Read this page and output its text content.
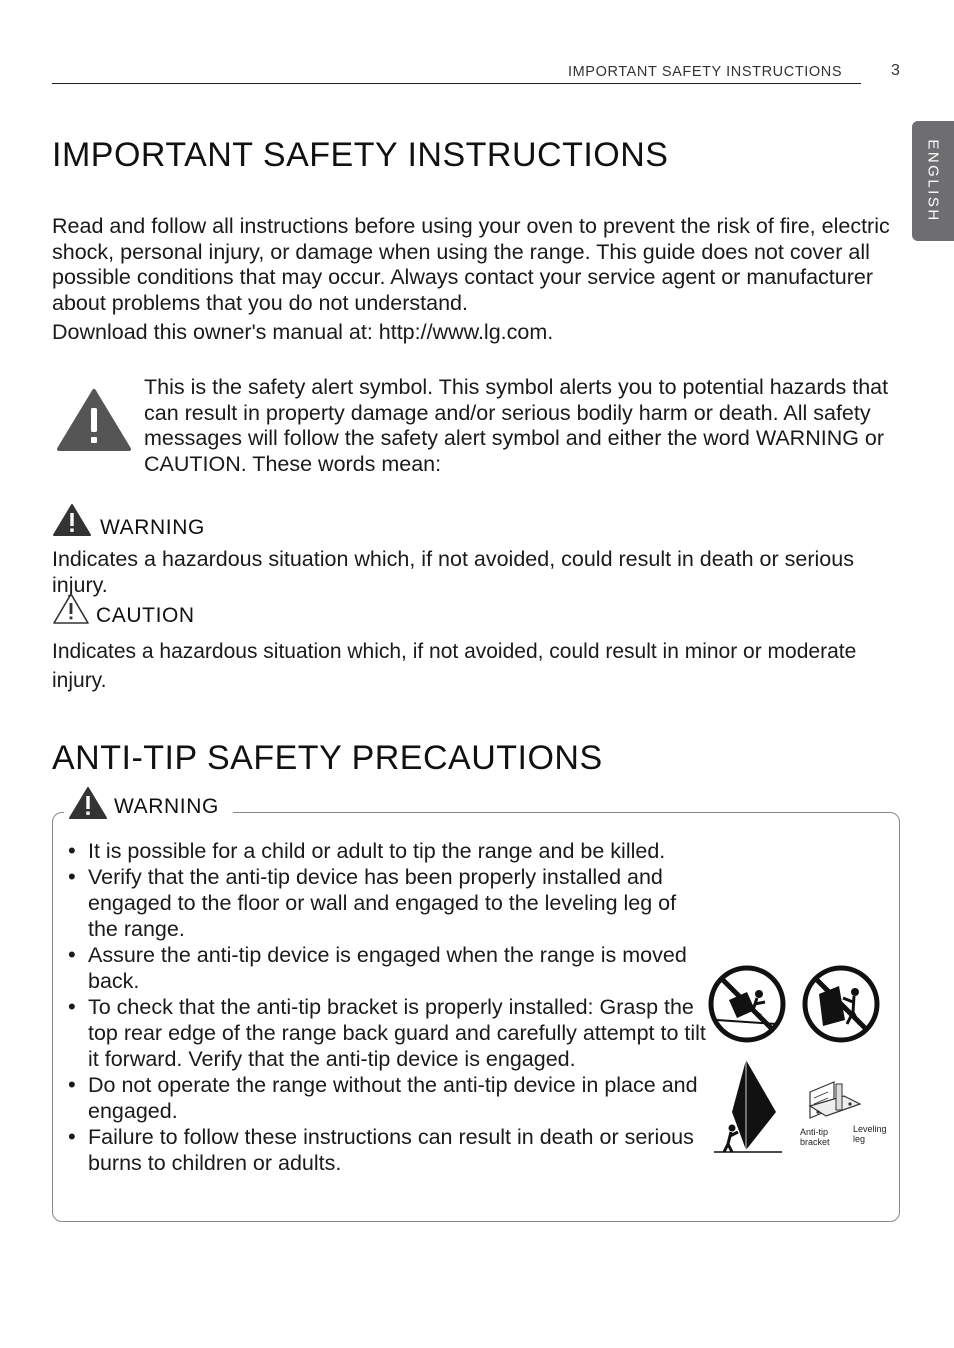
IMPORTANT SAFETY INSTRUCTIONS	3
ENGLISH
IMPORTANT SAFETY INSTRUCTIONS
Read and follow all instructions before using your oven to prevent the risk of fire, electric shock, personal injury, or damage when using the range. This guide does not cover all possible conditions that may occur. Always contact your service agent or manufacturer about problems that you do not understand.
Download this owner's manual at: http://www.lg.com.
This is the safety alert symbol. This symbol alerts you to potential hazards that can result in property damage and/or serious bodily harm or death. All safety messages will follow the safety alert symbol and either the word WARNING or CAUTION. These words mean:
WARNING
Indicates a hazardous situation which, if not avoided, could result in death or serious injury.
CAUTION
Indicates a hazardous situation which, if not avoided, could result in minor or moderate injury.
ANTI-TIP SAFETY PRECAUTIONS
WARNING
• It is possible for a child or adult to tip the range and be killed.
• Verify that the anti-tip device has been properly installed and engaged to the floor or wall and engaged to the leveling leg of the range.
• Assure the anti-tip device is engaged when the range is moved back.
• To check that the anti-tip bracket is properly installed: Grasp the top rear edge of the range back guard and carefully attempt to tilt it forward. Verify that the anti-tip device is engaged.
• Do not operate the range without the anti-tip device in place and engaged.
• Failure to follow these instructions can result in death or serious burns to children or adults.
Anti-tip
bracket
Leveling
leg
